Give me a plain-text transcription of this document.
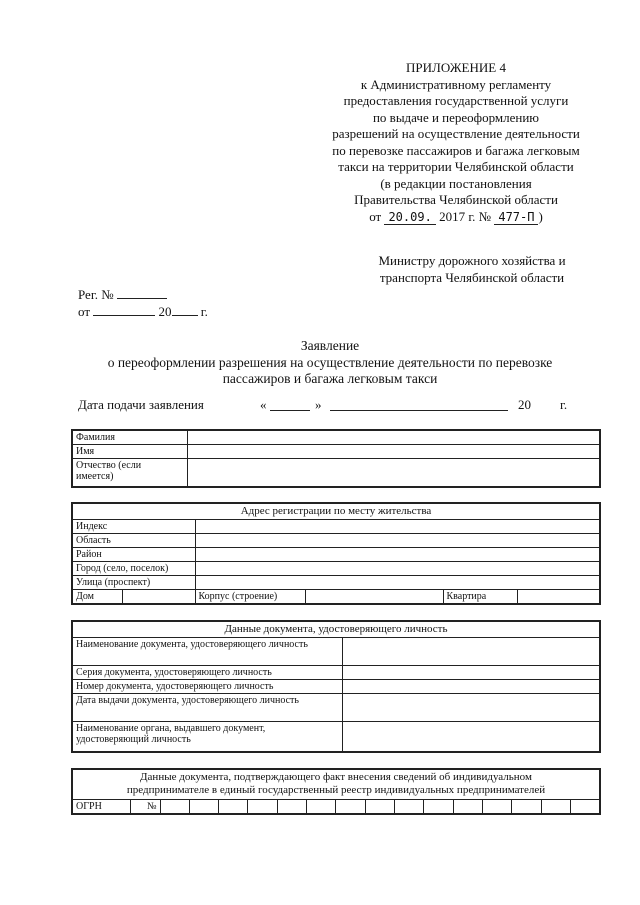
ПРИЛОЖЕНИЕ 4
к Административному регламенту
предоставления государственной услуги
по выдаче и переоформлению
разрешений на осуществление деятельности
по перевозке пассажиров и багажа легковым
такси на территории Челябинской области
(в редакции постановления
Правительства Челябинской области
от 20.09. 2017 г. № 477-П )
Министру дорожного хозяйства и
транспорта Челябинской области
Рег. №
от	20 г.
Заявление
о переоформлении разрешения на осуществление деятельности по перевозке
пассажиров и багажа легковым такси
Дата подачи заявления	«	»	20 г.
Фамилия	
Имя	

Отчество (если
имеется)	

Адрес регистрации по месту жительства					
Индекс					
Область					
Район					
Город (село, поселок)					
Улица (проспект)					
Дом		Корпус (строение)		Квартира	
Данные документа, удостоверяющего личность	
Наименование документа, удостоверяющего личность	
Серия документа, удостоверяющего личность	
Номер документа, удостоверяющего личность	
Дата выдачи документа, удостоверяющего личность	
Наименование органа, выдавшего документ, удостоверяющий личность	
Данные документа, подтверждающего факт внесения сведений об индивидуальном
предпринимателе в единый государственный реестр индивидуальных предпринимателей

ОГРН	№															
